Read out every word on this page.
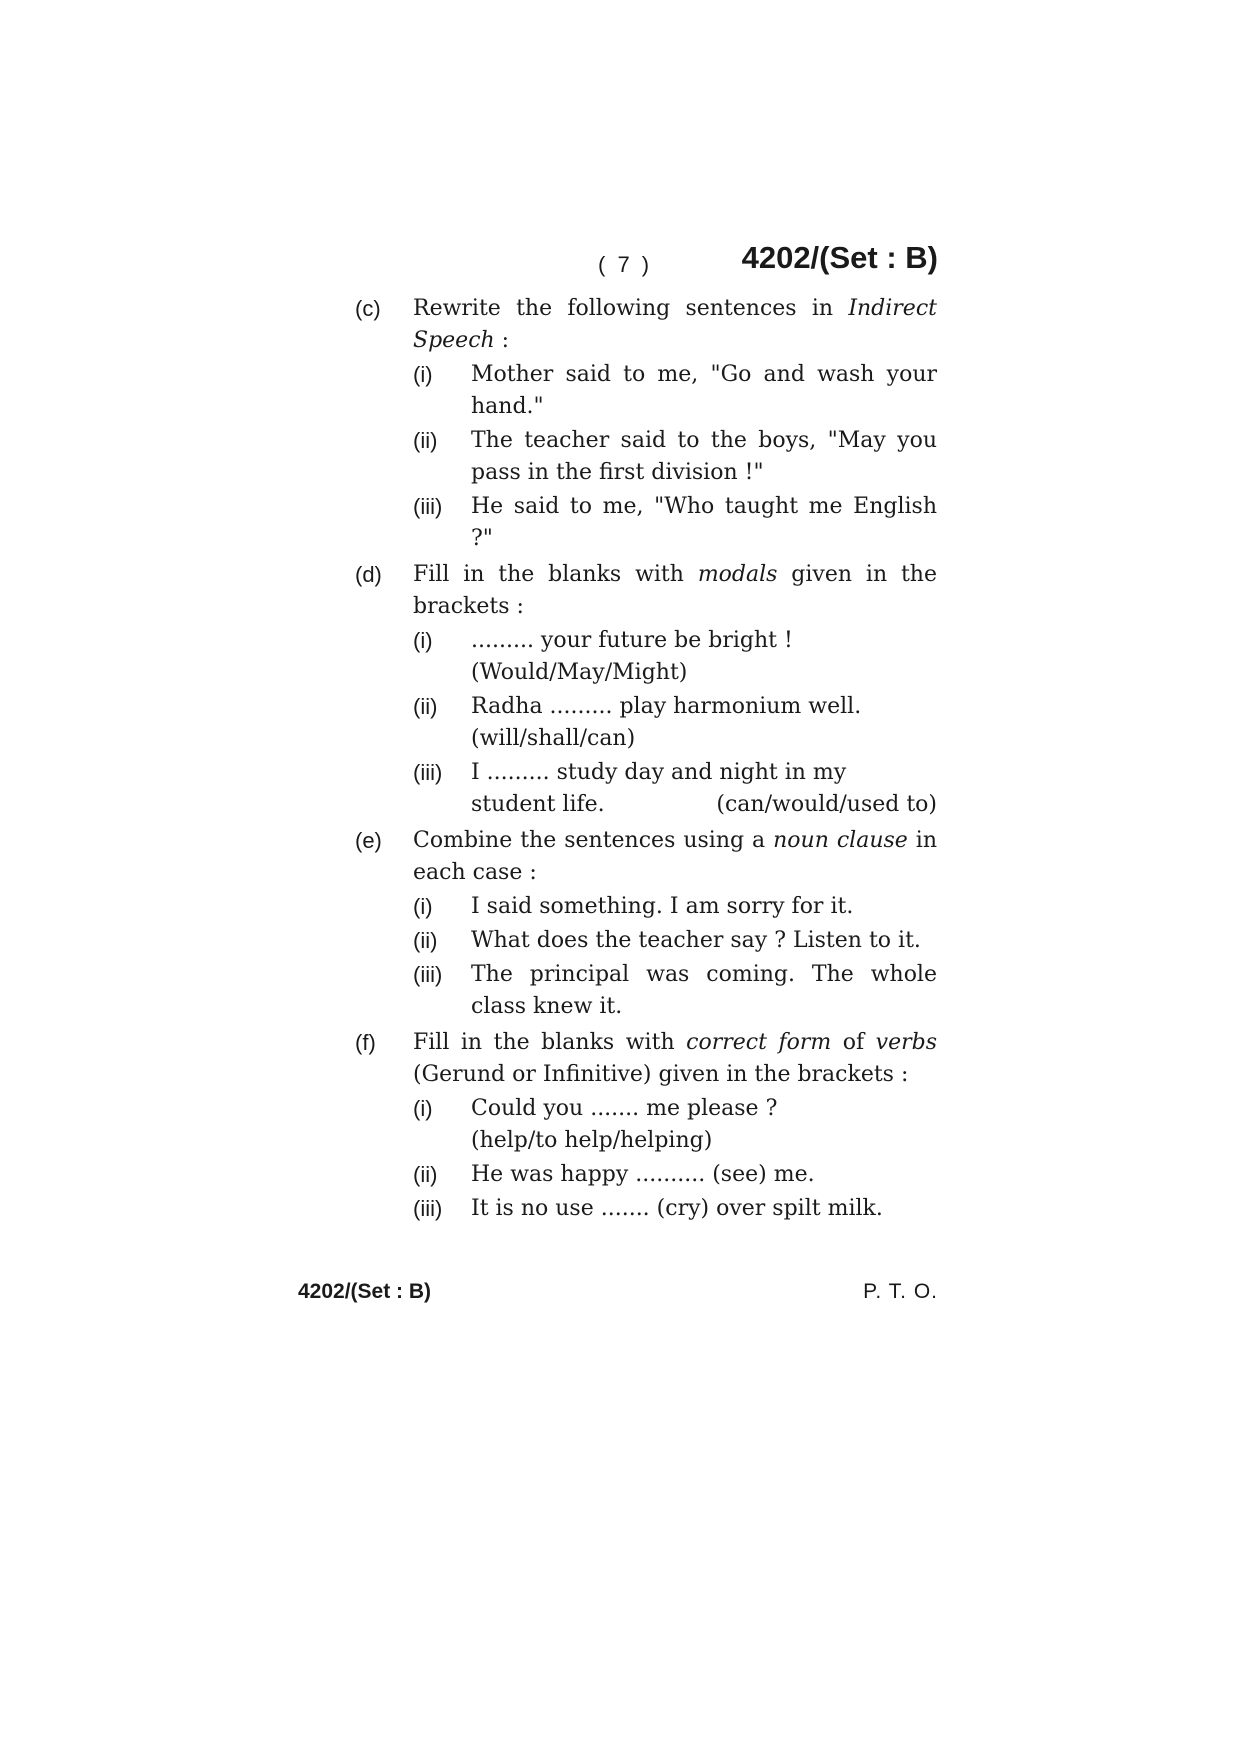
( 7 )	4202/(Set : B)
(c)	Rewrite the following sentences in Indirect Speech :
(i)	Mother said to me, "Go and wash your hand."
(ii)	The teacher said to the boys, "May you pass in the first division !"
(iii)	He said to me, "Who taught me English ?"
(d)	Fill in the blanks with modals given in the brackets :
(i)	......... your future be bright !
(Would/May/Might)
(ii)	Radha ......... play harmonium well.
(will/shall/can)
(iii)	I ......... study day and night in my
student life.	(can/would/used to)
(e)	Combine the sentences using a noun clause in each case :
(i)	I said something. I am sorry for it.
(ii)	What does the teacher say ? Listen to it.
(iii)	The principal was coming. The whole class knew it.
(f)	Fill in the blanks with correct form of verbs (Gerund or Infinitive) given in the brackets :
(i)	Could you ....... me please ?
(help/to help/helping)
(ii)	He was happy .......... (see) me.
(iii)	It is no use ....... (cry) over spilt milk.
4202/(Set : B)	P. T. O.
